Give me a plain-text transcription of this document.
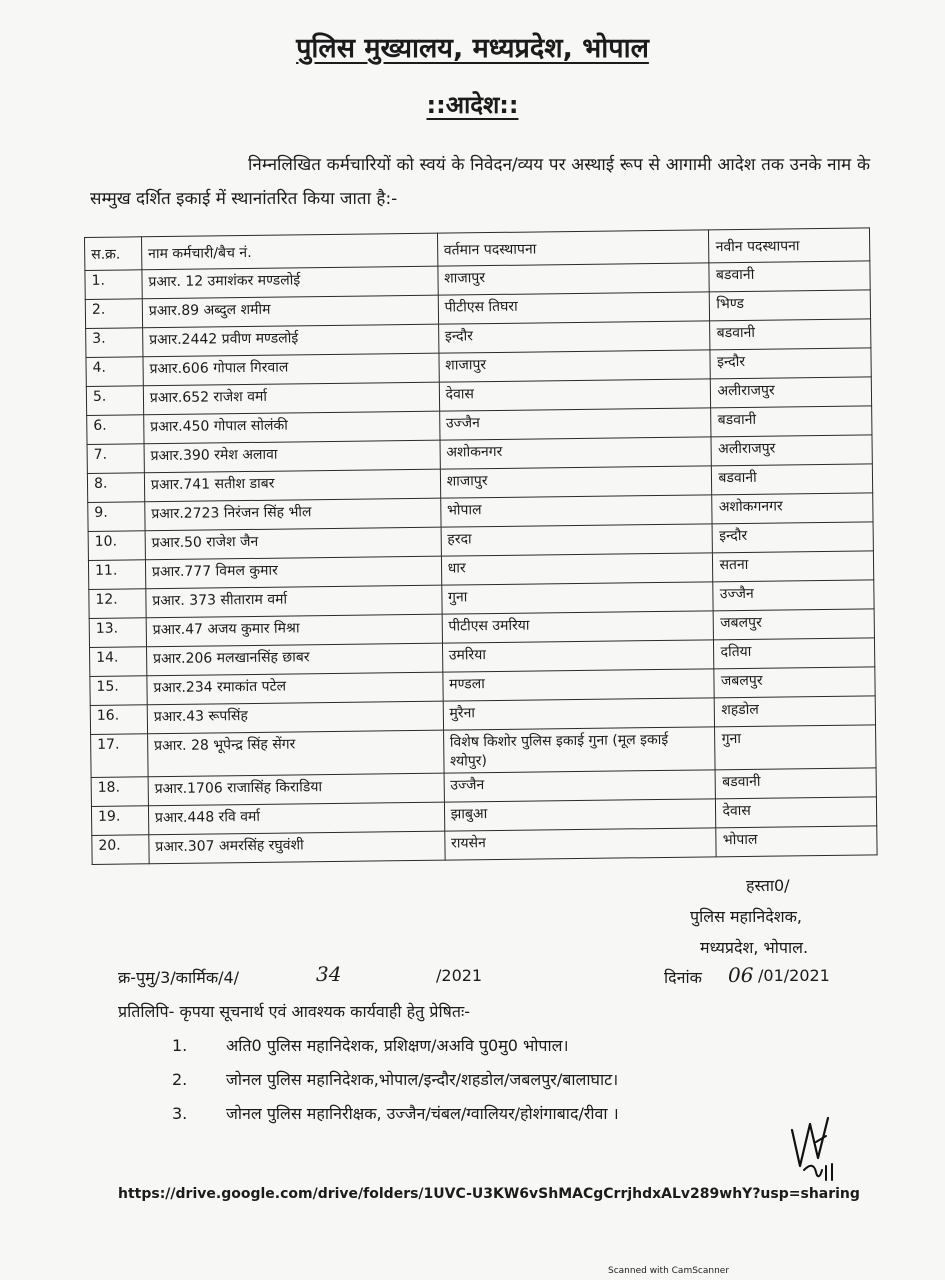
पुलिस मुख्यालय, मध्यप्रदेश, भोपाल
::आदेश::
निम्नलिखित कर्मचारियों को स्वयं के निवेदन/व्यय पर अस्थाई रूप से आगामी आदेश तक उनके नाम के सम्मुख दर्शित इकाई में स्थानांतरित किया जाता है:-
स.क्र.	नाम कर्मचारी/बैच नं.	वर्तमान पदस्थापना	नवीन पदस्थापना
1.	प्रआर. 12 उमाशंकर मण्डलोई	शाजापुर	बडवानी
2.	प्रआर.89 अब्दुल शमीम	पीटीएस तिघरा	भिण्ड
3.	प्रआर.2442 प्रवीण मण्डलोई	इन्दौर	बडवानी
4.	प्रआर.606 गोपाल गिरवाल	शाजापुर	इन्दौर
5.	प्रआर.652 राजेश वर्मा	देवास	अलीराजपुर
6.	प्रआर.450 गोपाल सोलंकी	उज्जैन	बडवानी
7.	प्रआर.390 रमेश अलावा	अशोकनगर	अलीराजपुर
8.	प्रआर.741 सतीश डाबर	शाजापुर	बडवानी
9.	प्रआर.2723 निरंजन सिंह भील	भोपाल	अशोकगनगर
10.	प्रआर.50 राजेश जैन	हरदा	इन्दौर
11.	प्रआर.777 विमल कुमार	धार	सतना
12.	प्रआर. 373 सीताराम वर्मा	गुना	उज्जैन
13.	प्रआर.47 अजय कुमार मिश्रा	पीटीएस उमरिया	जबलपुर
14.	प्रआर.206 मलखानसिंह छाबर	उमरिया	दतिया
15.	प्रआर.234 रमाकांत पटेल	मण्डला	जबलपुर
16.	प्रआर.43 रूपसिंह	मुरैना	शहडोल
17.	प्रआर. 28 भूपेन्द्र सिंह सेंगर	विशेष किशोर पुलिस इकाई गुना (मूल इकाई श्योपुर)	गुना
18.	प्रआर.1706 राजासिंह किराडिया	उज्जैन	बडवानी
19.	प्रआर.448 रवि वर्मा	झाबुआ	देवास
20.	प्रआर.307 अमरसिंह रघुवंशी	रायसेन	भोपाल
हस्ता0/
पुलिस महानिदेशक,
मध्यप्रदेश, भोपाल.
क्र-पुमु/3/कार्मिक/4/	34	/2021	दिनांक 06 /01/2021
प्रतिलिपि- कृपया सूचनार्थ एवं आवश्यक कार्यवाही हेतु प्रेषितः-
1. अति0 पुलिस महानिदेशक, प्रशिक्षण/अअवि पु0मु0 भोपाल।
2. जोनल पुलिस महानिदेशक,भोपाल/इन्दौर/शहडोल/जबलपुर/बालाघाट।
3. जोनल पुलिस महानिरीक्षक, उज्जैन/चंबल/ग्वालियर/होशंगाबाद/रीवा ।
https://drive.google.com/drive/folders/1UVC-U3KW6vShMACgCrrjhdxALv289whY?usp=sharing
Scanned with CamScanner
